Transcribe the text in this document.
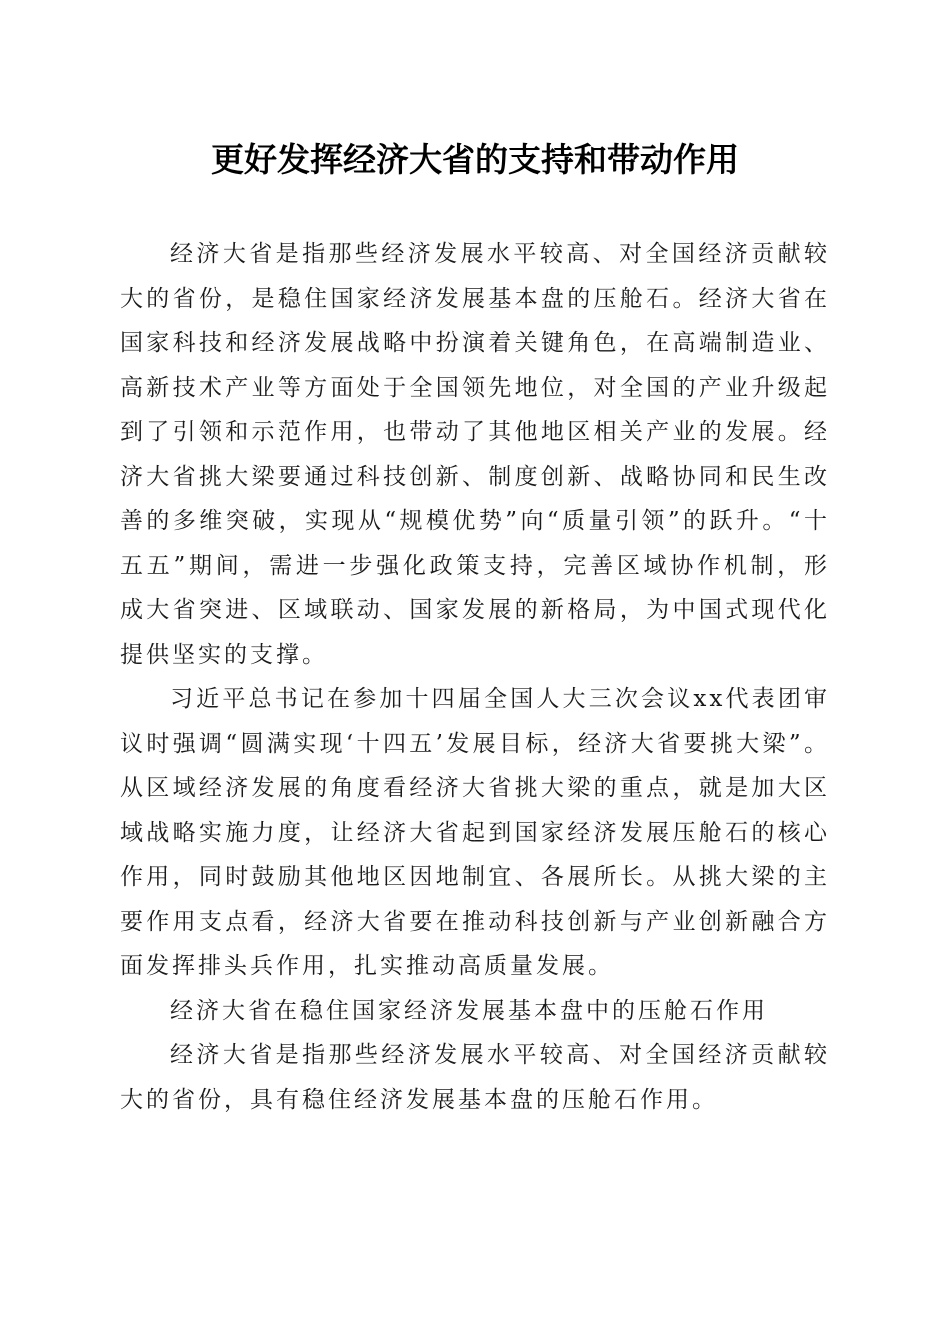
更好发挥经济大省的支持和带动作用

经济大省是指那些经济发展水平较高、对全国经济贡献较大的省份，是稳住国家经济发展基本盘的压舱石。经济大省在国家科技和经济发展战略中扮演着关键角色，在高端制造业、高新技术产业等方面处于全国领先地位，对全国的产业升级起到了引领和示范作用，也带动了其他地区相关产业的发展。经济大省挑大梁要通过科技创新、制度创新、战略协同和民生改善的多维突破，实现从“规模优势”向“质量引领”的跃升。“十五五”期间，需进一步强化政策支持，完善区域协作机制，形成大省突进、区域联动、国家发展的新格局，为中国式现代化提供坚实的支撑。

习近平总书记在参加十四届全国人大三次会议xx代表团审议时强调“圆满实现‘十四五’发展目标，经济大省要挑大梁”。从区域经济发展的角度看经济大省挑大梁的重点，就是加大区域战略实施力度，让经济大省起到国家经济发展压舱石的核心作用，同时鼓励其他地区因地制宜、各展所长。从挑大梁的主要作用支点看，经济大省要在推动科技创新与产业创新融合方面发挥排头兵作用，扎实推动高质量发展。

经济大省在稳住国家经济发展基本盘中的压舱石作用

经济大省是指那些经济发展水平较高、对全国经济贡献较大的省份，具有稳住经济发展基本盘的压舱石作用。
